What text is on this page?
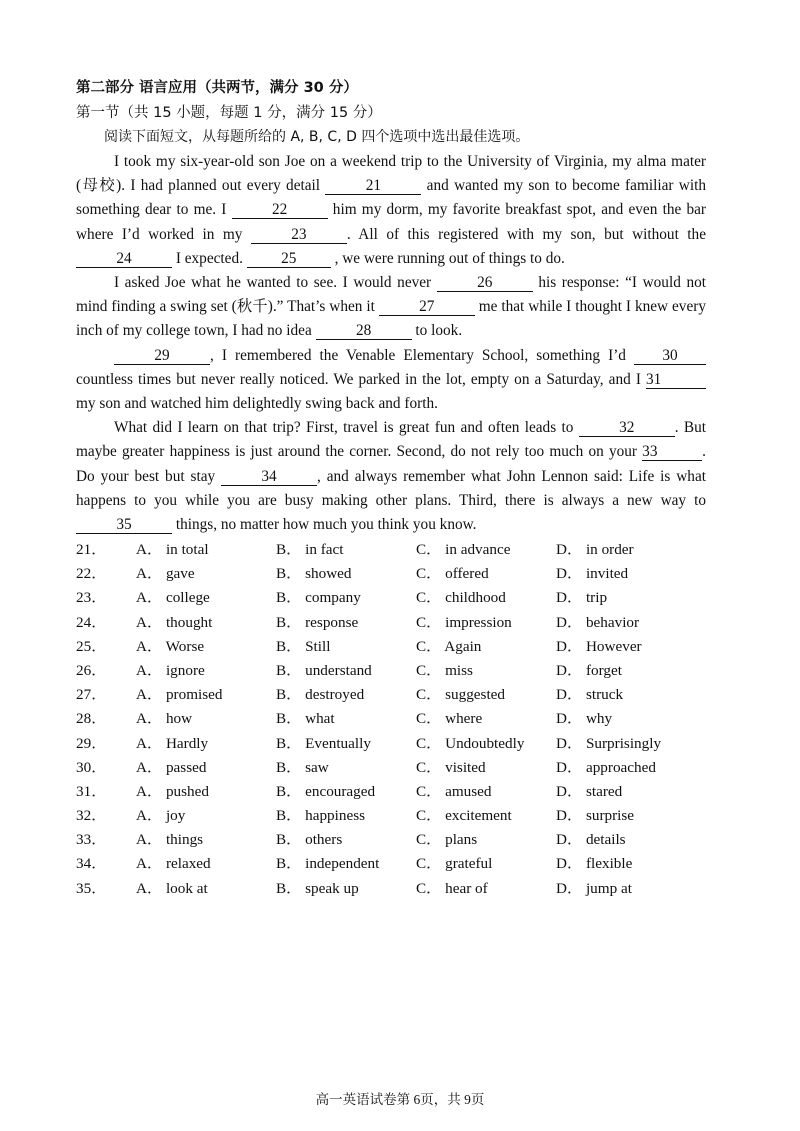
第二部分 语言应用（共两节，满分 30 分）
第一节（共 15 小题，每题 1 分，满分 15 分）
阅读下面短文，从每题所给的 A, B, C, D 四个选项中选出最佳选项。

I took my six-year-old son Joe on a weekend trip to the University of Virginia, my alma mater (母校). I had planned out every detail	21	and wanted my son to become familiar with something dear to me. I	22	him my dorm, my favorite breakfast spot, and even the bar where I’d worked in my	23	. All of this registered with my son, but without the 24	I expected. 25 , we were running out of things to do.

I asked Joe what he wanted to see. I would never	26	his response: “I would not mind finding a swing set (秋千).” That’s when it	27	me that while I thought I knew every inch of my college town, I had no idea	28	to look.

29	, I remembered the Venable Elementary School, something I’d 30 countless times but never really noticed. We parked in the lot, empty on a Saturday, and I 31 my son and watched him delightedly swing back and forth.

What did I learn on that trip? First, travel is great fun and often leads to	32	. But maybe greater happiness is just around the corner. Second, do not rely too much on your 33	. Do your best but stay	34	, and always remember what John Lennon said: Life is what happens to you while you are busy making other plans. Third, there is always a new way to 35	things, no matter how much you think you know.

21．	A． in total	B． in fact	C． in advance	D． in order
22．	A． gave	B． showed	C． offered	D． invited
23．	A． college	B． company	C． childhood	D． trip
24．	A． thought	B． response	C． impression	D． behavior
25．	A． Worse	B． Still	C． Again	D． However
26．	A． ignore	B． understand	C． miss	D． forget
27．	A． promised	B． destroyed	C． suggested	D． struck
28．	A． how	B． what	C． where	D． why
29．	A． Hardly	B． Eventually	C． Undoubtedly	D． Surprisingly
30．	A． passed	B． saw	C． visited	D． approached
31．	A． pushed	B． encouraged	C． amused	D． stared
32．	A． joy	B． happiness	C． excitement	D． surprise
33．	A． things	B． others	C． plans	D． details
34．	A． relaxed	B． independent	C． grateful	D． flexible
35．	A． look at	B． speak up	C． hear of	D． jump at
高一英语试卷第 6页，共 9页
